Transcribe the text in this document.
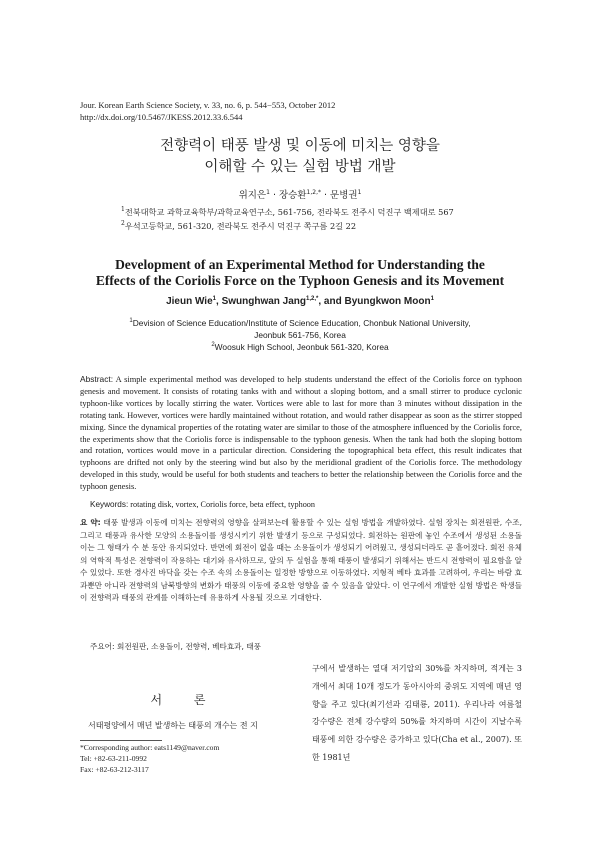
Jour. Korean Earth Science Society, v. 33, no. 6, p. 544−553, October 2012
http://dx.doi.org/10.5467/JKESS.2012.33.6.544
전향력이 태풍 발생 및 이동에 미치는 영향을
이해할 수 있는 실험 방법 개발
위지은$^1$ · 장승환$^{1,2,*}$ · 문병권$^1$
$^1$전북대학교 과학교육학부/과학교육연구소, 561-756, 전라북도 전주시 덕진구 백제대로 567
$^2$우석고등학교, 561-320, 전라북도 전주시 덕진구 쪽구름 2길 22
Development of an Experimental Method for Understanding the
Effects of the Coriolis Force on the Typhoon Genesis and its Movement
Jieun Wie$^1$, Swunghwan Jang$^{1,2,*}$, and Byungkwon Moon$^1$
$^1$Devision of Science Education/Institute of Science Education, Chonbuk National University,
Jeonbuk 561-756, Korea
$^2$Woosuk High School, Jeonbuk 561-320, Korea
Abstract: A simple experimental method was developed to help students understand the effect of the Coriolis force on typhoon genesis and movement. It consists of rotating tanks with and without a sloping bottom, and a small stirrer to produce cyclonic typhoon-like vortices by locally stirring the water. Vortices were able to last for more than 3 minutes without dissipation in the rotating tank. However, vortices were hardly maintained without rotation, and would rather disappear as soon as the stirrer stopped mixing. Since the dynamical properties of the rotating water are similar to those of the atmosphere influenced by the Coriolis force, the experiments show that the Coriolis force is indispensable to the typhoon genesis. When the tank had both the sloping bottom and rotation, vortices would move in a particular direction. Considering the topographical beta effect, this result indicates that typhoons are drifted not only by the steering wind but also by the meridional gradient of the Coriolis force. The methodology developed in this study, would be useful for both students and teachers to better the relationship between the Coriolis force and the typhoon genesis.
Keywords: rotating disk, vortex, Coriolis force, beta effect, typhoon
요 약: 태풍 발생과 이동에 미치는 전향력의 영향을 살펴보는데 활용할 수 있는 실험 방법을 개발하였다. 실험 장치는 회전원판, 수조, 그리고 태풍과 유사한 모양의 소용돌이를 생성시키기 위한 발생기 등으로 구성되었다. 회전하는 원판에 놓인 수조에서 생성된 소용돌이는 그 형태가 수 분 동안 유지되었다. 반면에 회전이 없을 때는 소용돌이가 생성되기 어려웠고, 생성되더라도 곧 흩어졌다. 회전 유체의 역학적 특성은 전향력이 작용하는 대기와 유사하므로, 앞의 두 실험을 통해 태풍이 발생되기 위해서는 반드시 전향력이 필요함을 알 수 있었다. 또한 경사진 바닥을 갖는 수조 속의 소용돌이는 일정한 방향으로 이동하였다. 지형적 베타 효과를 고려하여, 우리는 바람 효과뿐만 아니라 전향력의 남북방향의 변화가 태풍의 이동에 중요한 영향을 줄 수 있음을 알았다. 이 연구에서 개발한 실험 방법은 학생들이 전향력과 태풍의 관계를 이해하는데 유용하게 사용될 것으로 기대한다.
주요어: 회전원판, 소용돌이, 전향력, 베타효과, 태풍
서 론
서태평양에서 매년 발생하는 태풍의 개수는 전 지
*Corresponding author: eats1149@naver.com
Tel: +82-63-211-0992
Fax: +82-63-212-3117
구에서 발생하는 열대 저기압의 30%를 차지하며, 적게는 3개에서 최대 10개 정도가 동아시아의 중위도 지역에 매년 영향을 주고 있다(최기선과 김태룡, 2011). 우리나라 여름철 강수량은 전체 강수량의 50%를 차지하며 시간이 지날수록 태풍에 의한 강수량은 증가하고 있다(Cha et al., 2007). 또한 1981년
